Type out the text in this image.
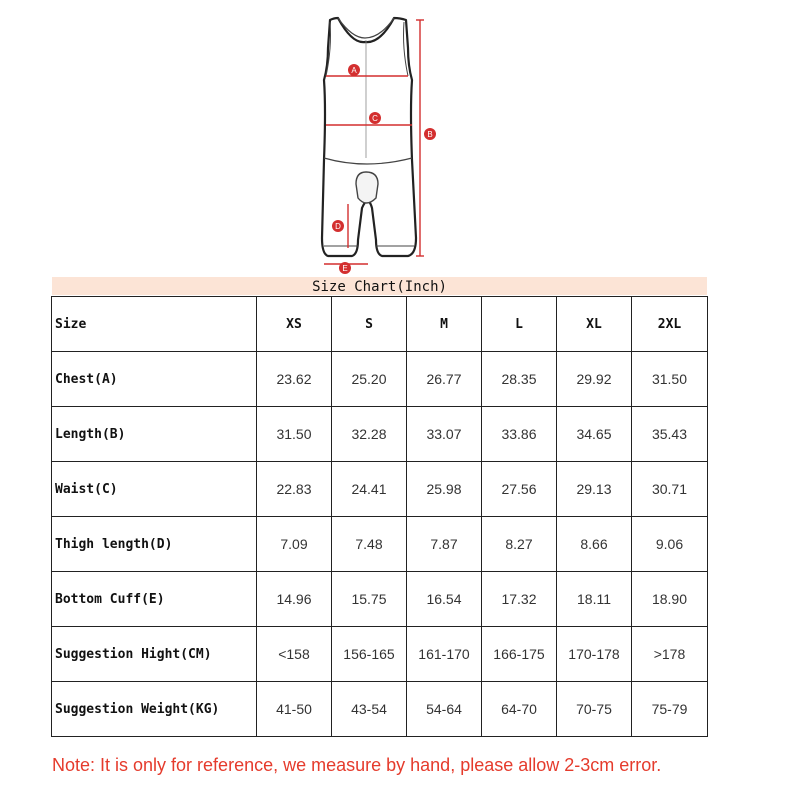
A
C
B
D
E
Size Chart(Inch)
Size	XS	S	M	L	XL	2XL
Chest(A)	23.62	25.20	26.77	28.35	29.92	31.50
Length(B)	31.50	32.28	33.07	33.86	34.65	35.43
Waist(C)	22.83	24.41	25.98	27.56	29.13	30.71
Thigh length(D)	7.09	7.48	7.87	8.27	8.66	9.06
Bottom Cuff(E)	14.96	15.75	16.54	17.32	18.11	18.90
Suggestion Hight(CM)	<158	156-165	161-170	166-175	170-178	>178
Suggestion Weight(KG)	41-50	43-54	54-64	64-70	70-75	75-79
Note: It is only for reference, we measure by hand, please allow 2-3cm error.
